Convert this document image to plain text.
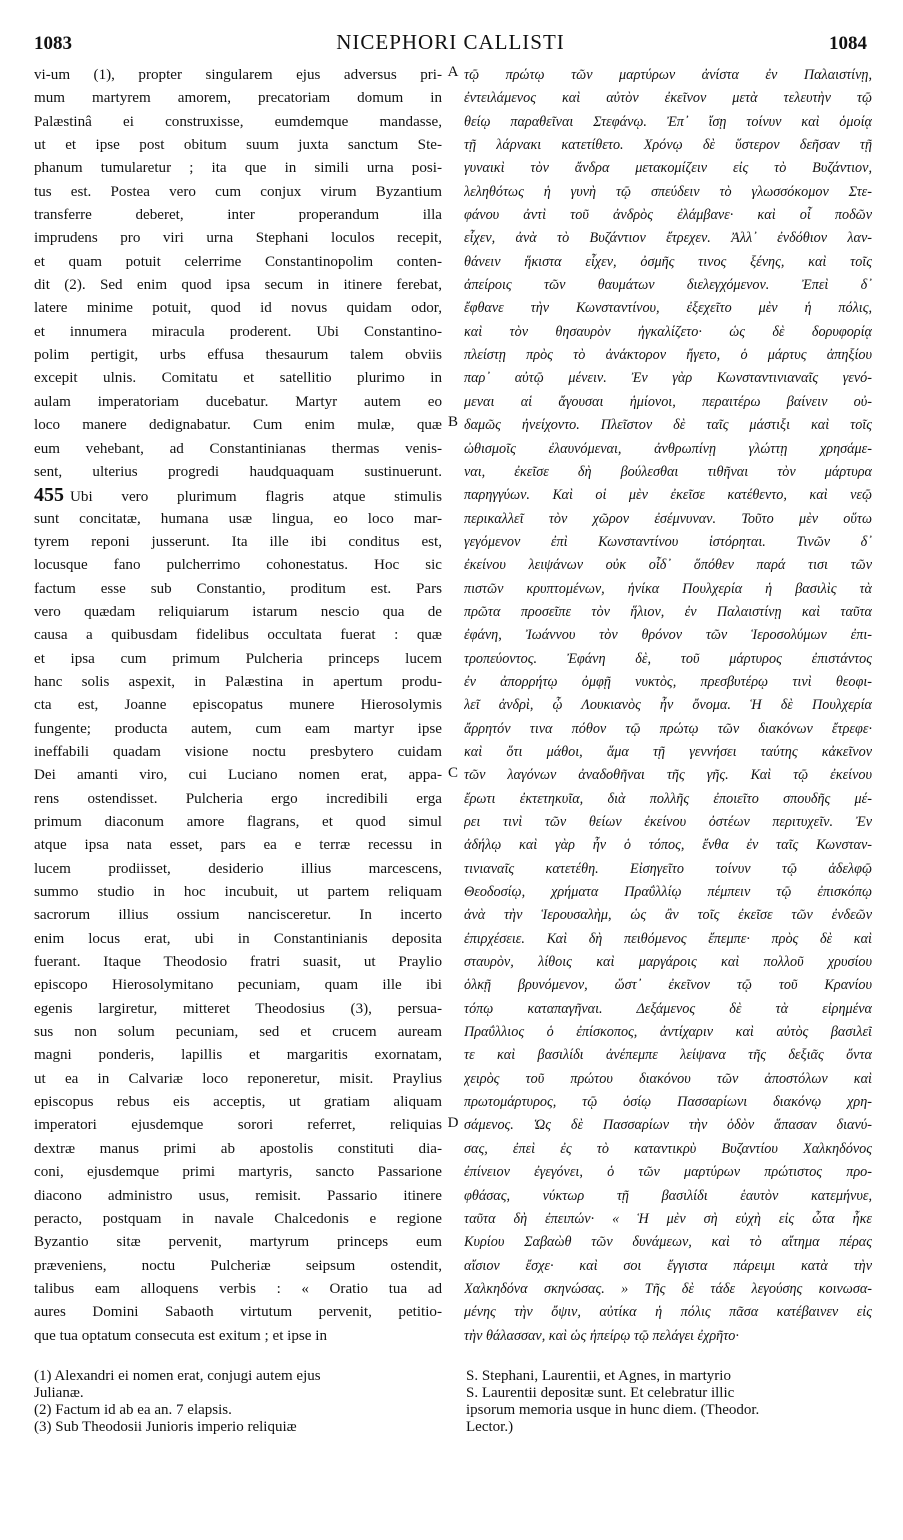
1083	NICEPHORI CALLISTI	1084
vi-um (1), propter singularem ejus adversus pri-
mum martyrem amorem, precatoriam domum in
Palæstinâ ei construxisse, eumdemque mandasse,
ut et ipse post obitum suum juxta sanctum Ste-
phanum tumularetur ; ita que in simili urna posi-
tus est. Postea vero cum conjux virum Byzantium
transferre deberet, inter properandum illa
imprudens pro viri urna Stephani loculos recepit,
et quam potuit celerrime Constantinopolim conten-
dit (2). Sed enim quod ipsa secum in itinere ferebat,
latere minime potuit, quod id novus quidam odor,
et innumera miracula proderent. Ubi Constantino-
polim pertigit, urbs effusa thesaurum talem obviis
excepit ulnis. Comitatu et satellitio plurimo in
aulam imperatoriam ducebatur. Martyr autem eo
loco manere dedignabatur. Cum enim mulæ, quæ
eum vehebant, ad Constantinianas thermas venis-
sent, ulterius progredi haudquaquam sustinuerunt.
455 Ubi vero plurimum flagris atque stimulis
sunt concitatæ, humana usæ lingua, eo loco mar-
tyrem reponi jusserunt. Ita ille ibi conditus est,
locusque fano pulcherrimo cohonestatus. Hoc sic
factum esse sub Constantio, proditum est. Pars
vero quædam reliquiarum istarum nescio qua de
causa a quibusdam fidelibus occultata fuerat : quæ
et ipsa cum primum Pulcheria princeps lucem
hanc solis aspexit, in Palæstina in apertum produ-
cta est, Joanne episcopatus munere Hierosolymis
fungente; producta autem, cum eam martyr ipse
ineffabili quadam visione noctu presbytero cuidam
Dei amanti viro, cui Luciano nomen erat, appa-
rens ostendisset. Pulcheria ergo incredibili erga
primum diaconum amore flagrans, et quod simul
atque ipsa nata esset, pars ea e terræ recessu in
lucem prodiisset, desiderio illius marcescens,
summo studio in hoc incubuit, ut partem reliquam
sacrorum illius ossium nancisceretur. In incerto
enim locus erat, ubi in Constantinianis deposita
fuerant. Itaque Theodosio fratri suasit, ut Praylio
episcopo Hierosolymitano pecuniam, quam ille ibi
egenis largiretur, mitteret Theodosius (3), persua-
sus non solum pecuniam, sed et crucem auream
magni ponderis, lapillis et margaritis exornatam,
ut ea in Calvariæ loco reponeretur, misit. Praylius
episcopus rebus eis acceptis, ut gratiam aliquam
imperatori ejusdemque sorori referret, reliquias
dextræ manus primi ab apostolis constituti dia-
coni, ejusdemque primi martyris, sancto Passarione
diacono administro usus, remisit. Passario itinere
peracto, postquam in navale Chalcedonis e regione
Byzantio sitæ pervenit, martyrum princeps eum
præveniens, noctu Pulcheriæ seipsum ostendit,
talibus eam alloquens verbis : « Oratio tua ad
aures Domini Sabaoth virtutum pervenit, petitio-
que tua optatum consecuta est exitum ; et ipse in
τῷ πρώτῳ τῶν μαρτύρων ἀνίστα ἐν Παλαιστίνῃ,
ἐντειλάμενος καὶ αὐτὸν ἐκεῖνον μετὰ τελευτὴν τῷ
θείῳ παραθεῖναι Στεφάνῳ. Ἐπ᾽ ἴσῃ τοίνυν καὶ ὁμοίᾳ
τῇ λάρνακι κατετίθετο. Χρόνῳ δὲ ὕστερον δεῆσαν τῇ
γυναικὶ τὸν ἄνδρα μετακομίζειν εἰς τὸ Βυζάντιον,
λεληθότως ἡ γυνὴ τῷ σπεύδειν τὸ γλωσσόκομον Στε-
φάνου ἀντὶ τοῦ ἀνδρὸς ἐλάμβανε· καὶ οἷ ποδῶν
εἶχεν, ἀνὰ τὸ Βυζάντιον ἔτρεχεν. Ἀλλ᾽ ἐνδόθιον λαν-
θάνειν ἥκιστα εἶχεν, ὀσμῆς τινος ξένης, καὶ τοῖς
ἀπείροις τῶν θαυμάτων διελεγχόμενον. Ἐπεὶ δ᾽
ἔφθανε τὴν Κωνσταντίνου, ἐξεχεῖτο μὲν ἡ πόλις,
καὶ τὸν θησαυρὸν ἠγκαλίζετο· ὡς δὲ δορυφορίᾳ
πλείστῃ πρὸς τὸ ἀνάκτορον ἤγετο, ὁ μάρτυς ἀπηξίου
παρ᾽ αὐτῷ μένειν. Ἐν γὰρ Κωνσταντινιαναῖς γενό-
μεναι αἱ ἄγουσαι ἡμίονοι, περαιτέρω βαίνειν οὐ-
δαμῶς ἠνείχοντο. Πλεῖστον δὲ ταῖς μάστιξι καὶ τοῖς
ὠθισμοῖς ἐλαυνόμεναι, ἀνθρωπίνῃ γλώττῃ χρησάμε-
ναι, ἐκεῖσε δὴ βούλεσθαι τιθῆναι τὸν μάρτυρα
παρηγγύων. Καὶ οἱ μὲν ἐκεῖσε κατέθεντο, καὶ νεῷ
περικαλλεῖ τὸν χῶρον ἐσέμνυναν. Τοῦτο μὲν οὕτω
γεγόμενον ἐπὶ Κωνσταντίνου ἱστόρηται. Τινῶν δ᾽
ἐκείνου λειψάνων οὐκ οἶδ᾽ ὅπόθεν παρά τισι τῶν
πιστῶν κρυπτομένων, ἡνίκα Πουλχερία ἡ βασιλὶς τὰ
πρῶτα προσεῖπε τὸν ἥλιον, ἐν Παλαιστίνῃ καὶ ταῦτα
ἐφάνη, Ἰωάννου τὸν θρόνον τῶν Ἱεροσολύμων ἐπι-
τροπεύοντος. Ἐφάνη δὲ, τοῦ μάρτυρος ἐπιστάντος
ἐν ἀπορρήτῳ ὀμφῇ νυκτὸς, πρεσβυτέρῳ τινὶ θεοφι-
λεῖ ἀνδρὶ, ᾧ Λουκιανὸς ἦν ὄνομα. Ἡ δὲ Πουλχερία
ἄρρητόν τινα πόθον τῷ πρώτῳ τῶν διακόνων ἔτρεφε·
καὶ ὅτι μάθοι, ἅμα τῇ γεννήσει ταύτης κἀκεῖνον
τῶν λαγόνων ἀναδοθῆναι τῆς γῆς. Καὶ τῷ ἐκείνου
ἔρωτι ἐκτετηκυῖα, διὰ πολλῆς ἐποιεῖτο σπουδῆς μέ-
ρει τινὶ τῶν θείων ἐκείνου ὀστέων περιτυχεῖν. Ἐν
ἀδήλῳ καὶ γὰρ ἦν ὁ τόπος, ἔνθα ἐν ταῖς Κωνσταν-
τινιαναῖς κατετέθη. Εἰσηγεῖτο τοίνυν τῷ ἀδελφῷ
Θεοδοσίῳ, χρήματα Πραΰλλίῳ πέμπειν τῷ ἐπισκόπῳ
ἀνὰ τὴν Ἱερουσαλὴμ, ὡς ἂν τοῖς ἐκεῖσε τῶν ἐνδεῶν
ἐπιρχέσειε. Καὶ δὴ πειθόμενος ἔπεμπε· πρὸς δὲ καὶ
σταυρὸν, λίθοις καὶ μαργάροις καὶ πολλοῦ χρυσίου
ὁλκῇ βρυνόμενον, ὥστ᾽ ἐκεῖνον τῷ τοῦ Κρανίου
τόπῳ καταπαγῆναι. Δεξάμενος δὲ τὰ εἰρημένα
Πραΰλλιος ὁ ἐπίσκοπος, ἀντίχαριν καὶ αὐτὸς βασιλεῖ
τε καὶ βασιλίδι ἀνέπεμπε λείψανα τῆς δεξιᾶς ὄντα
χειρὸς τοῦ πρώτου διακόνου τῶν ἀποστόλων καὶ
πρωτομάρτυρος, τῷ ὁσίῳ Πασσαρίωνι διακόνῳ χρη-
σάμενος. Ὡς δὲ Πασσαρίων τὴν ὁδὸν ἅπασαν διανύ-
σας, ἐπεὶ ἐς τὸ καταντικρὺ Βυζαντίου Χαλκηδόνος
ἐπίνειον ἐγεγόνει, ὁ τῶν μαρτύρων πρώτιστος προ-
φθάσας, νύκτωρ τῇ βασιλίδι ἑαυτὸν κατεμήνυε,
ταῦτα δὴ ἐπειπών· « Ἡ μὲν σὴ εὐχὴ εἰς ὦτα ἧκε
Κυρίου Σαβαὼθ τῶν δυνάμεων, καὶ τὸ αἴτημα πέρας
αἴσιον ἔσχε· καὶ σοι ἔγγιστα πάρειμι κατὰ τὴν
Χαλκηδόνα σκηνώσας. » Τῆς δὲ τάδε λεγούσης κοινωσα-
μένης τὴν ὄψιν, αὐτίκα ἡ πόλις πᾶσα κατέβαινεν εἰς
τὴν θάλασσαν, καὶ ὡς ἠπείρῳ τῷ πελάγει ἐχρῆτο·
A
B
C
D
(1) Alexandri ei nomen erat, conjugi autem ejus
Julianæ.
(2) Factum id ab ea an. 7 elapsis.
(3) Sub Theodosii Junioris imperio reliquiæ
S. Stephani, Laurentii, et Agnes, in martyrio
S. Laurentii depositæ sunt. Et celebratur illic
ipsorum memoria usque in hunc diem. (Theodor.
Lector.)
